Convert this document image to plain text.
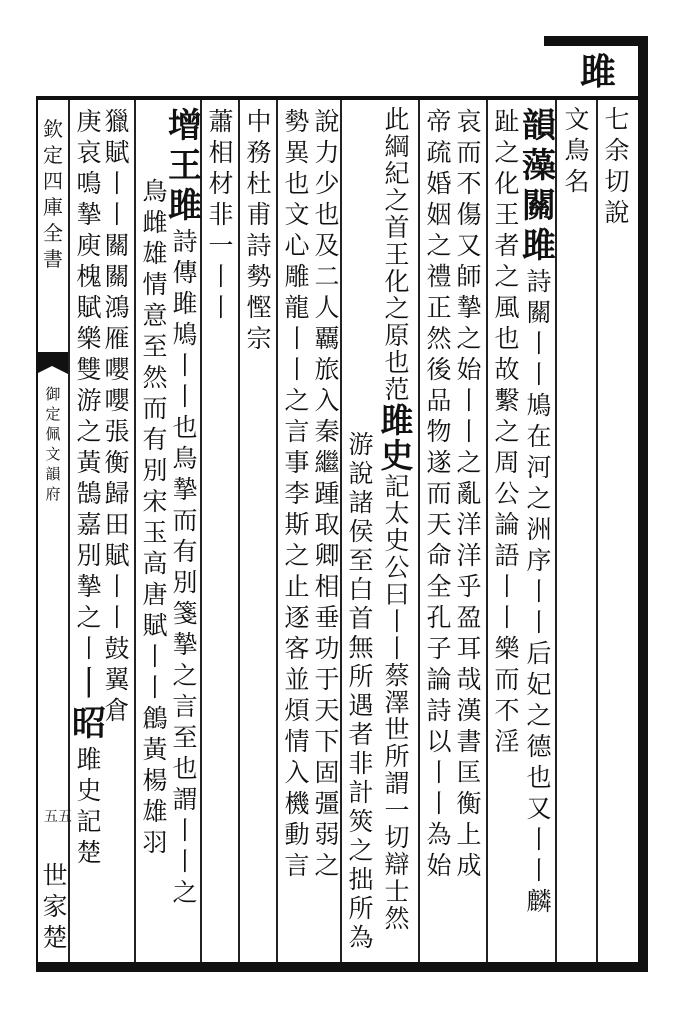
雎
欽
定
四
庫
全
書
御
定
佩
文
韻
府
五五
七
余
切
說
文
鳥
名
韻
藻
關
雎
詩
關
丨
丨
鳩
在
河
之
洲
序
丨
丨
后
妃
之
德
也
又
丨
丨
麟
趾
之
化
王
者
之
風
也
故
繫
之
周
公
論
語
丨
丨
樂
而
不
淫
哀
而
不
傷
又
師
摯
之
始
丨
丨
之
亂
洋
洋
乎
盈
耳
哉
漢
書
匡
衡
上
成
帝
疏
婚
姻
之
禮
正
然
後
品
物
遂
而
天
命
全
孔
子
論
詩
以
丨
丨
為
始
此
綱
紀
之
首
王
化
之
原
也
范
雎
史
記
太
史
公
曰
丨
丨
蔡
澤
世
所
謂
一
切
辯
士
然
游
說
諸
侯
至
白
首
無
所
遇
者
非
計
筴
之
拙
所
為
說
力
少
也
及
二
人
覊
旅
入
秦
繼
踵
取
卿
相
垂
功
于
天
下
固
彊
弱
之
勢
異
也
文
心
雕
龍
丨
丨
之
言
事
李
斯
之
止
逐
客
並
煩
情
入
機
動
言
中
務
杜
甫
詩
勢
慳
宗
蕭
相
材
非
一
丨
丨
增
王
雎
詩
傳
雎
鳩
丨
丨
也
鳥
摯
而
有
別
箋
摯
之
言
至
也
謂
丨
丨
之
鳥
雌
雄
情
意
至
然
而
有
別
宋
玉
高
唐
賦
丨
丨
鶬
黃
楊
雄
羽
獵
賦
丨
丨
關
關
鴻
雁
嚶
嚶
張
衡
歸
田
賦
丨
丨
鼓
翼
倉
庚
哀
鳴
摯
庾
槐
賦
樂
雙
游
之
黃
鵠
嘉
別
摯
之
丨
丨
昭
雎
史
記
楚
世
家
楚
